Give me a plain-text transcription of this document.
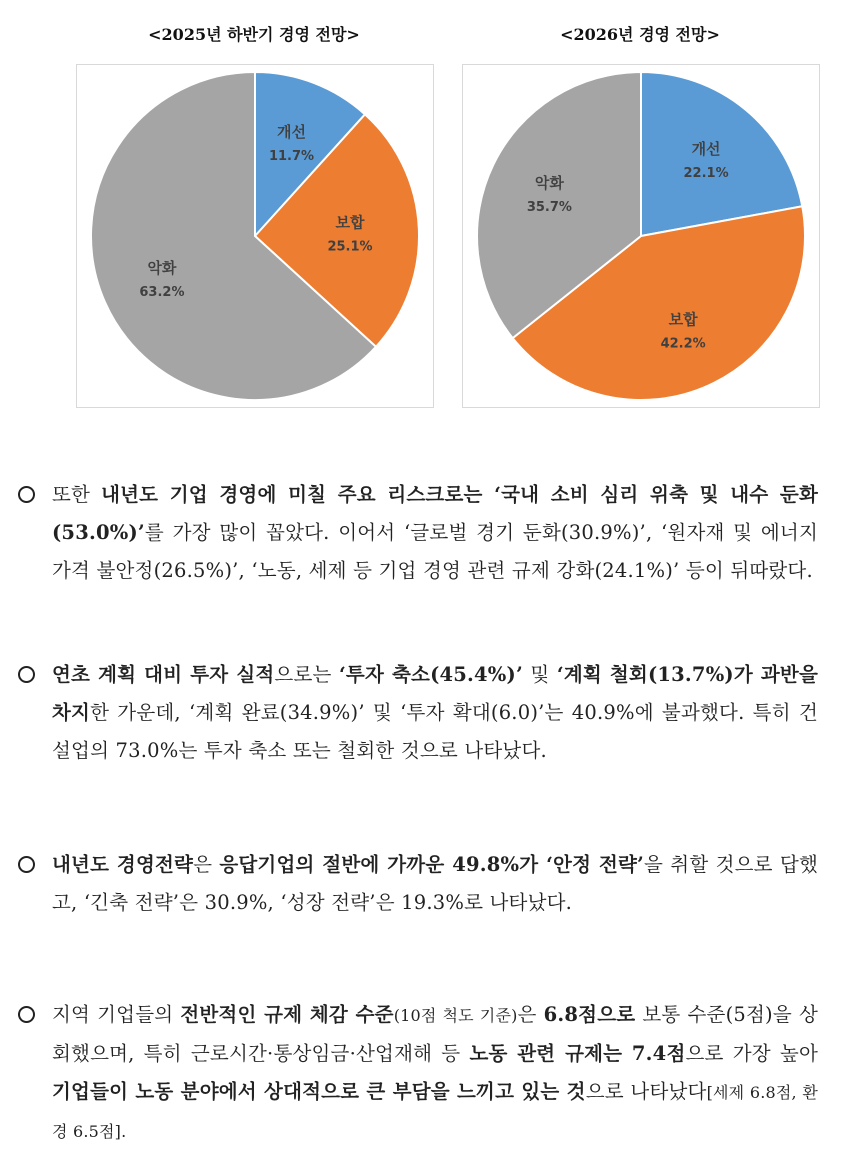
<2025년 하반기 경영 전망>
개선
11.7%
보합
25.1%
악화
63.2%
<2026년 경영 전망>
개선
22.1%
보합
42.2%
악화
35.7%

또한 내년도 기업 경영에 미칠 주요 리스크로는 ‘국내 소비 심리 위축 및 내수 둔화(53.0%)’를 가장 많이 꼽았다. 이어서 ‘글로벌 경기 둔화(30.9%)’, ‘원자재 및 에너지 가격 불안정(26.5%)’, ‘노동, 세제 등 기업 경영 관련 규제 강화(24.1%)’ 등이 뒤따랐다.

연초 계획 대비 투자 실적으로는 ‘투자 축소(45.4%)’ 및 ‘계획 철회(13.7%)가 과반을 차지한 가운데, ‘계획 완료(34.9%)’ 및 ‘투자 확대(6.0)’는 40.9%에 불과했다. 특히 건설업의 73.0%는 투자 축소 또는 철회한 것으로 나타났다.

내년도 경영전략은 응답기업의 절반에 가까운 49.8%가 ‘안정 전략’을 취할 것으로 답했고, ‘긴축 전략’은 30.9%, ‘성장 전략’은 19.3%로 나타났다.

지역 기업들의 전반적인 규제 체감 수준(10점 척도 기준)은 6.8점으로 보통 수준(5점)을 상회했으며, 특히 근로시간·통상임금·산업재해 등 노동 관련 규제는 7.4점으로 가장 높아 기업들이 노동 분야에서 상대적으로 큰 부담을 느끼고 있는 것으로 나타났다[세제 6.8점, 환경 6.5점].
